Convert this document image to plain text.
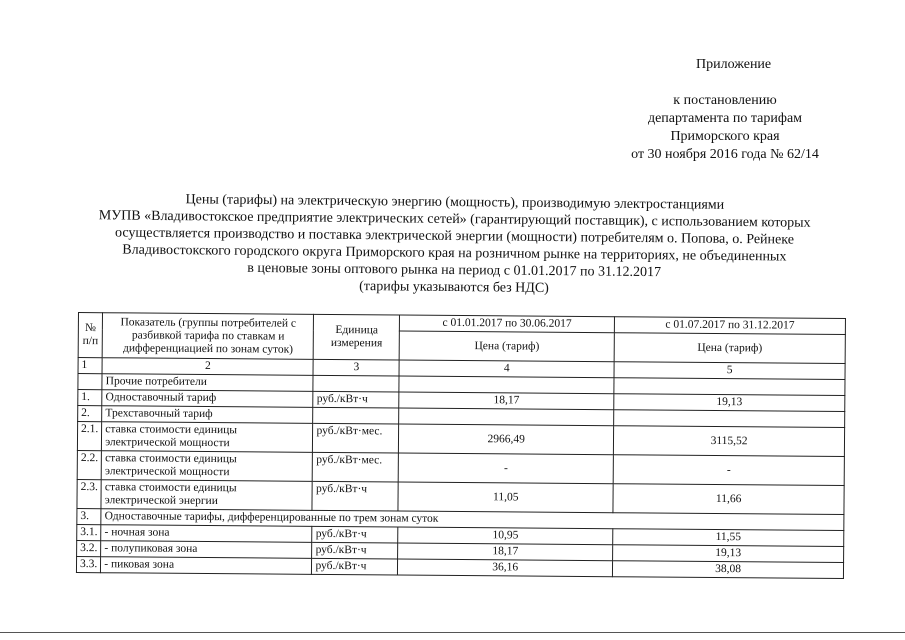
Приложение
к постановлению
департамента по тарифам
Приморского края
от 30 ноября 2016 года № 62/14
Цены (тарифы) на электрическую энергию (мощность), производимую электростанциями
МУПВ «Владивостокское предприятие электрических сетей» (гарантирующий поставщик), с использованием которых
осуществляется производство и поставка электрической энергии (мощности) потребителям о. Попова, о. Рейнеке
Владивостокского городского округа Приморского края на розничном рынке на территориях, не объединенных
в ценовые зоны оптового рынка на период с 01.01.2017 по 31.12.2017
(тарифы указываются без НДС)
№ п/п	Показатель (группы потребителей с разбивкой тарифа по ставкам и дифференциацией по зонам суток)	Единица измерения	с 01.01.2017 по 30.06.2017	с 01.07.2017 по 31.12.2017
			Цена (тариф)	Цена (тариф)
1	2	3	4	5
	Прочие потребители			
1.	Одноставочный тариф	руб./кВт·ч	18,17	19,13
2.	Трехставочный тариф			
2.1.	ставка стоимости единицы электрической мощности	руб./кВт·мес.	2966,49	3115,52
2.2.	ставка стоимости единицы электрической мощности	руб./кВт·мес.	-	-
2.3.	ставка стоимости единицы электрической энергии	руб./кВт·ч	11,05	11,66
3.	Одноставочные тарифы, дифференцированные по трем зонам суток			
3.1.	- ночная зона	руб./кВт·ч	10,95	11,55
3.2.	- полупиковая зона	руб./кВт·ч	18,17	19,13
3.3.	- пиковая зона	руб./кВт·ч	36,16	38,08
